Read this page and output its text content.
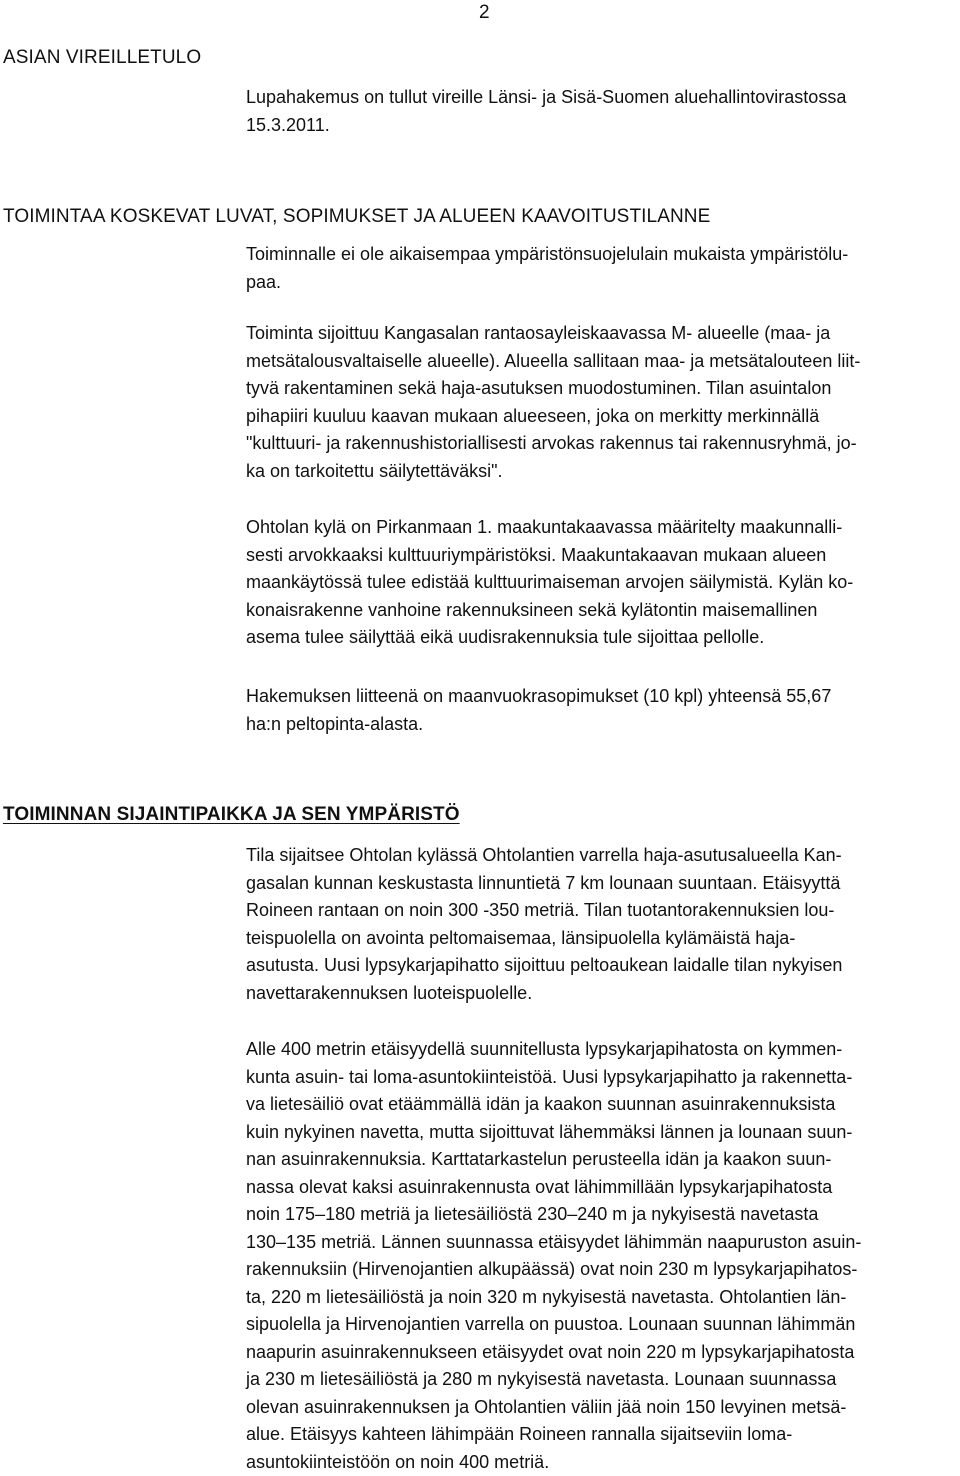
2
ASIAN VIREILLETULO
Lupahakemus on tullut vireille Länsi- ja Sisä-Suomen aluehallintovirastossa
15.3.2011.
TOIMINTAA KOSKEVAT LUVAT, SOPIMUKSET JA ALUEEN KAAVOITUSTILANNE
Toiminnalle ei ole aikaisempaa ympäristönsuojelulain mukaista ympäristölu-
paa.
Toiminta sijoittuu Kangasalan rantaosayleiskaavassa M- alueelle (maa- ja
metsätalousvaltaiselle alueelle). Alueella sallitaan maa- ja metsätalouteen liit-
tyvä rakentaminen sekä haja-asutuksen muodostuminen. Tilan asuintalon
pihapiiri kuuluu kaavan mukaan alueeseen, joka on merkitty merkinnällä
"kulttuuri- ja rakennushistoriallisesti arvokas rakennus tai rakennusryhmä, jo-
ka on tarkoitettu säilytettäväksi".
Ohtolan kylä on Pirkanmaan 1. maakuntakaavassa määritelty maakunnalli-
sesti arvokkaaksi kulttuuriympäristöksi. Maakuntakaavan mukaan alueen
maankäytössä tulee edistää kulttuurimaiseman arvojen säilymistä. Kylän ko-
konaisrakenne vanhoine rakennuksineen sekä kylätontin maisemallinen
asema tulee säilyttää eikä uudisrakennuksia tule sijoittaa pellolle.
Hakemuksen liitteenä on maanvuokrasopimukset (10 kpl) yhteensä 55,67
ha:n peltopinta-alasta.
TOIMINNAN SIJAINTIPAIKKA JA SEN YMPÄRISTÖ
Tila sijaitsee Ohtolan kylässä Ohtolantien varrella haja-asutusalueella Kan-
gasalan kunnan keskustasta linnuntietä 7 km lounaan suuntaan. Etäisyyttä
Roineen rantaan on noin 300 -350 metriä. Tilan tuotantorakennuksien lou-
teispuolella on avointa peltomaisemaa, länsipuolella kylämäistä haja-
asutusta. Uusi lypsykarjapihatto sijoittuu peltoaukean laidalle tilan nykyisen
navettarakennuksen luoteispuolelle.
Alle 400 metrin etäisyydellä suunnitellusta lypsykarjapihatosta on kymmen-
kunta asuin- tai loma-asuntokiinteistöä. Uusi lypsykarjapihatto ja rakennetta-
va lietesäiliö ovat etäämmällä idän ja kaakon suunnan asuinrakennuksista
kuin nykyinen navetta, mutta sijoittuvat lähemmäksi lännen ja lounaan suun-
nan asuinrakennuksia. Karttatarkastelun perusteella idän ja kaakon suun-
nassa olevat kaksi asuinrakennusta ovat lähimmillään lypsykarjapihatosta
noin 175–180 metriä ja lietesäiliöstä 230–240 m ja nykyisestä navetasta
130–135 metriä. Lännen suunnassa etäisyydet lähimmän naapuruston asuin-
rakennuksiin (Hirvenojantien alkupäässä) ovat noin 230 m lypsykarjapihatos-
ta, 220 m lietesäiliöstä ja noin 320 m nykyisestä navetasta. Ohtolantien län-
sipuolella ja Hirvenojantien varrella on puustoa. Lounaan suunnan lähimmän
naapurin asuinrakennukseen etäisyydet ovat noin 220 m lypsykarjapihatosta
ja 230 m lietesäiliöstä ja 280 m nykyisestä navetasta. Lounaan suunnassa
olevan asuinrakennuksen ja Ohtolantien väliin jää noin 150 levyinen metsä-
alue. Etäisyys kahteen lähimpään Roineen rannalla sijaitseviin loma-
asuntokiinteistöön on noin 400 metriä.
